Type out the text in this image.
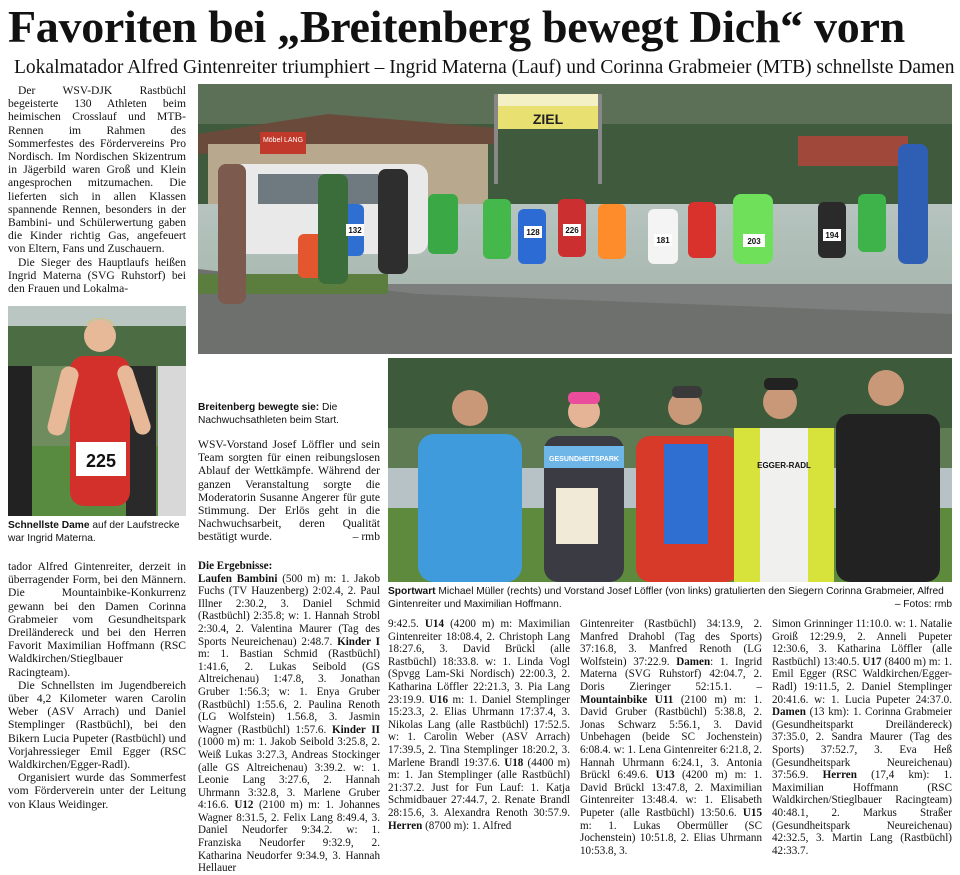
Favoriten bei „Breitenberg bewegt Dich“ vorn
Lokalmatador Alfred Gintenreiter triumphiert – Ingrid Materna (Lauf) und Corinna Grabmeier (MTB) schnellste Damen

Der WSV-DJK Rastbüchl begeisterte 130 Athleten beim heimischen Crosslauf und MTB-Rennen im Rahmen des Sommerfestes des Fördervereins Pro Nordisch. Im Nordischen Skizentrum in Jägerbild waren Groß und Klein angesprochen mitzumachen. Die lieferten sich in allen Klassen spannende Rennen, besonders in der Bambini- und Schülerwertung gaben die Kinder richtig Gas, angefeuert von Eltern, Fans und Zuschauern.

Die Sieger des Hauptlaufs heißen Ingrid Materna (SVG Ruhstorf) bei den Frauen und Lokalma-

Möbel LANG
ZIEL
132
181	203
226
194
128
225
Schnellste Dame auf der Laufstrecke war Ingrid Materna.

tador Alfred Gintenreiter, derzeit in überragender Form, bei den Männern. Die Mountainbike-Konkurrenz gewann bei den Damen Corinna Grabmeier vom Gesundheitspark Dreiländereck und bei den Herren Favorit Maximilian Hoffmann (RSC Waldkirchen/Stieglbauer Racingteam).

Die Schnellsten im Jugendbereich über 4,2 Kilometer waren Carolin Weber (ASV Arrach) und Daniel Stemplinger (Rastbüchl), bei den Bikern Lucia Pupeter (Rastbüchl) und Vorjahressieger Emil Egger (RSC Waldkirchen/Egger-Radl).

Organisiert wurde das Sommerfest vom Förderverein unter der Leitung von Klaus Weidinger.

Breitenberg bewegte sie: Die Nachwuchsathleten beim Start.

WSV-Vorstand Josef Löffler und sein Team sorgten für einen reibungslosen Ablauf der Wettkämpfe. Während der ganzen Veranstaltung sorgte die Moderatorin Susanne Angerer für gute Stimmung. Der Erlös geht in die Nachwuchsarbeit, deren Qualität bestätigt wurde.	– rmb

Die Ergebnisse:
Laufen Bambini (500 m) m: 1. Jakob Fuchs (TV Hauzenberg) 2:02.4, 2. Paul Illner 2:30.2, 3. Daniel Schmid (Rastbüchl) 2:35.8; w: 1. Hannah Strobl 2:30.4, 2. Valentina Maurer (Tag des Sports Neureichenau) 2:48.7. Kinder I m: 1. Bastian Schmid (Rastbüchl) 1:41.6, 2. Lukas Seibold (GS Altreichenau) 1:47.8, 3. Jonathan Gruber 1:56.3; w: 1. Enya Gruber (Rastbüchl) 1:55.6, 2. Paulina Renoth (LG Wolfstein) 1.56.8, 3. Jasmin Wagner (Rastbüchl) 1:57.6. Kinder II (1000 m) m: 1. Jakob Seibold 3:25.8, 2. Weiß Lukas 3:27.3, Andreas Stockinger (alle GS Altreichenau) 3:39.2. w: 1. Leonie Lang 3:27.6, 2. Hannah Uhrmann 3:32.8, 3. Marlene Gruber 4:16.6. U12 (2100 m) m: 1. Johannes Wagner 8:31.5, 2. Felix Lang 8:49.4, 3. Daniel Neudorfer 9:34.2. w: 1. Franziska Neudorfer 9:32.9, 2. Katharina Neudorfer 9:34.9, 3. Hannah Hellauer
GESUNDHEITSPARK
EGGER-RADL
Sportwart Michael Müller (rechts) und Vorstand Josef Löffler (von links) gratulierten den Siegern Corinna Grabmeier, Alfred Gintenreiter und Maximilian Hoffmann.	– Fotos: rmb
9:42.5. U14 (4200 m) m: Maximilian Gintenreiter 18:08.4, 2. Christoph Lang 18:27.6, 3. David Brückl (alle Rastbüchl) 18:33.8. w: 1. Linda Vogl (Spvgg Lam-Ski Nordisch) 22:00.3, 2. Katharina Löffler 22:21.3, 3. Pia Lang 23:19.9. U16 m: 1. Daniel Stemplinger 15:23.3, 2. Elias Uhrmann 17:37.4, 3. Nikolas Lang (alle Rastbüchl) 17:52.5. w: 1. Carolin Weber (ASV Arrach) 17:39.5, 2. Tina Stemplinger 18:20.2, 3. Marlene Brandl 19:37.6. U18 (4400 m) m: 1. Jan Stemplinger (alle Rastbüchl) 21:37.2. Just for Fun Lauf: 1. Katja Schmidbauer 27:44.7, 2. Renate Brandl 28:15.6, 3. Alexandra Renoth 30:57.9. Herren (8700 m): 1. Alfred
Gintenreiter (Rastbüchl) 34:13.9, 2. Manfred Drahobl (Tag des Sports) 37:16.8, 3. Manfred Renoth (LG Wolfstein) 37:22.9. Damen: 1. Ingrid Materna (SVG Ruhstorf) 42:04.7, 2. Doris Zieringer 52:15.1. – Mountainbike U11 (2100 m) m: 1. David Gruber (Rastbüchl) 5:38.8, 2. Jonas Schwarz 5:56.1, 3. David Unbehagen (beide SC Jochenstein) 6:08.4. w: 1. Lena Gintenreiter 6:21.8, 2. Hannah Uhrmann 6:24.1, 3. Antonia Brückl 6:49.6. U13 (4200 m) m: 1. David Brückl 13:47.8, 2. Maximilian Gintenreiter 13:48.4. w: 1. Elisabeth Pupeter (alle Rastbüchl) 13:50.6. U15 m: 1. Lukas Obermüller (SC Jochenstein) 10:51.8, 2. Elias Uhrmann 10:53.8, 3.
Simon Grinninger 11:10.0. w: 1. Natalie Groiß 12:29.9, 2. Anneli Pupeter 12:30.6, 3. Katharina Löffler (alle Rastbüchl) 13:40.5. U17 (8400 m) m: 1. Emil Egger (RSC Waldkirchen/Egger-Radl) 19:11.5, 2. Daniel Stemplinger 20:41.6. w: 1. Lucia Pupeter 24:37.0. Damen (13 km): 1. Corinna Grabmeier (Gesundheitsparkt Dreiländereck) 37:35.0, 2. Sandra Maurer (Tag des Sports) 37:52.7, 3. Eva Heß (Gesundheitspark Neureichenau) 37:56.9. Herren (17,4 km): 1. Maximilian Hoffmann (RSC Waldkirchen/Stieglbauer Racingteam) 40:48.1, 2. Markus Straßer (Gesundheitspark Neureichenau) 42:32.5, 3. Martin Lang (Rastbüchl) 42:33.7.
